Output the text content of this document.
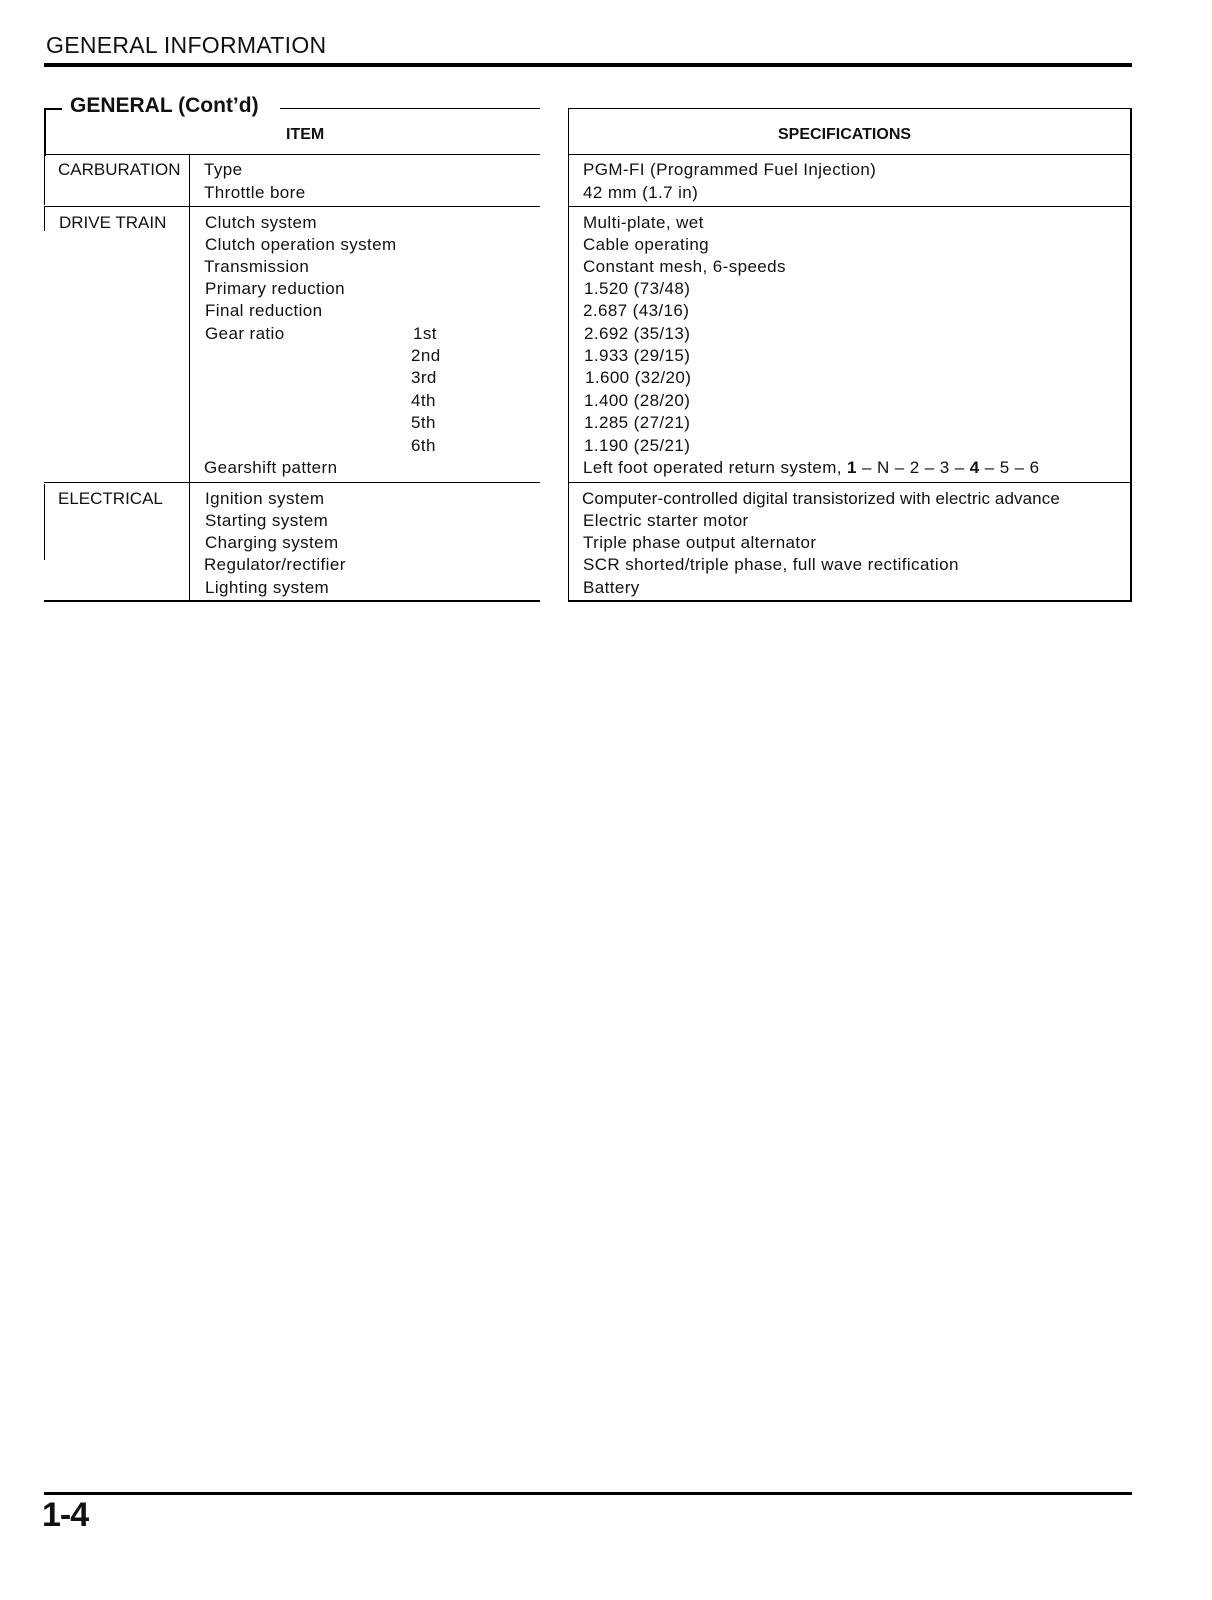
GENERAL INFORMATION
GENERAL (Cont’d)
ITEM	SPECIFICATIONS
CARBURATION Type	PGM-FI (Programmed Fuel Injection)
Throttle bore	42 mm (1.7 in)
DRIVE TRAIN Clutch system	Multi-plate, wet
Clutch operation system	Cable operating
Transmission	Constant mesh, 6-speeds
Primary reduction	1.520 (73/48)
Final reduction	2.687 (43/16)
Gear ratio	1st	2.692 (35/13)
2nd	1.933 (29/15)
3rd	1.600 (32/20)
4th	1.400 (28/20)
5th	1.285 (27/21)
6th	1.190 (25/21)
Gearshift pattern	Left foot operated return system, 1 – N – 2 – 3 – 4 – 5 – 6
ELECTRICAL Ignition system	Computer-controlled digital transistorized with electric advance
Starting system	Electric starter motor
Charging system	Triple phase output alternator
Regulator/rectifier	SCR shorted/triple phase, full wave rectification
Lighting system	Battery
1-4
